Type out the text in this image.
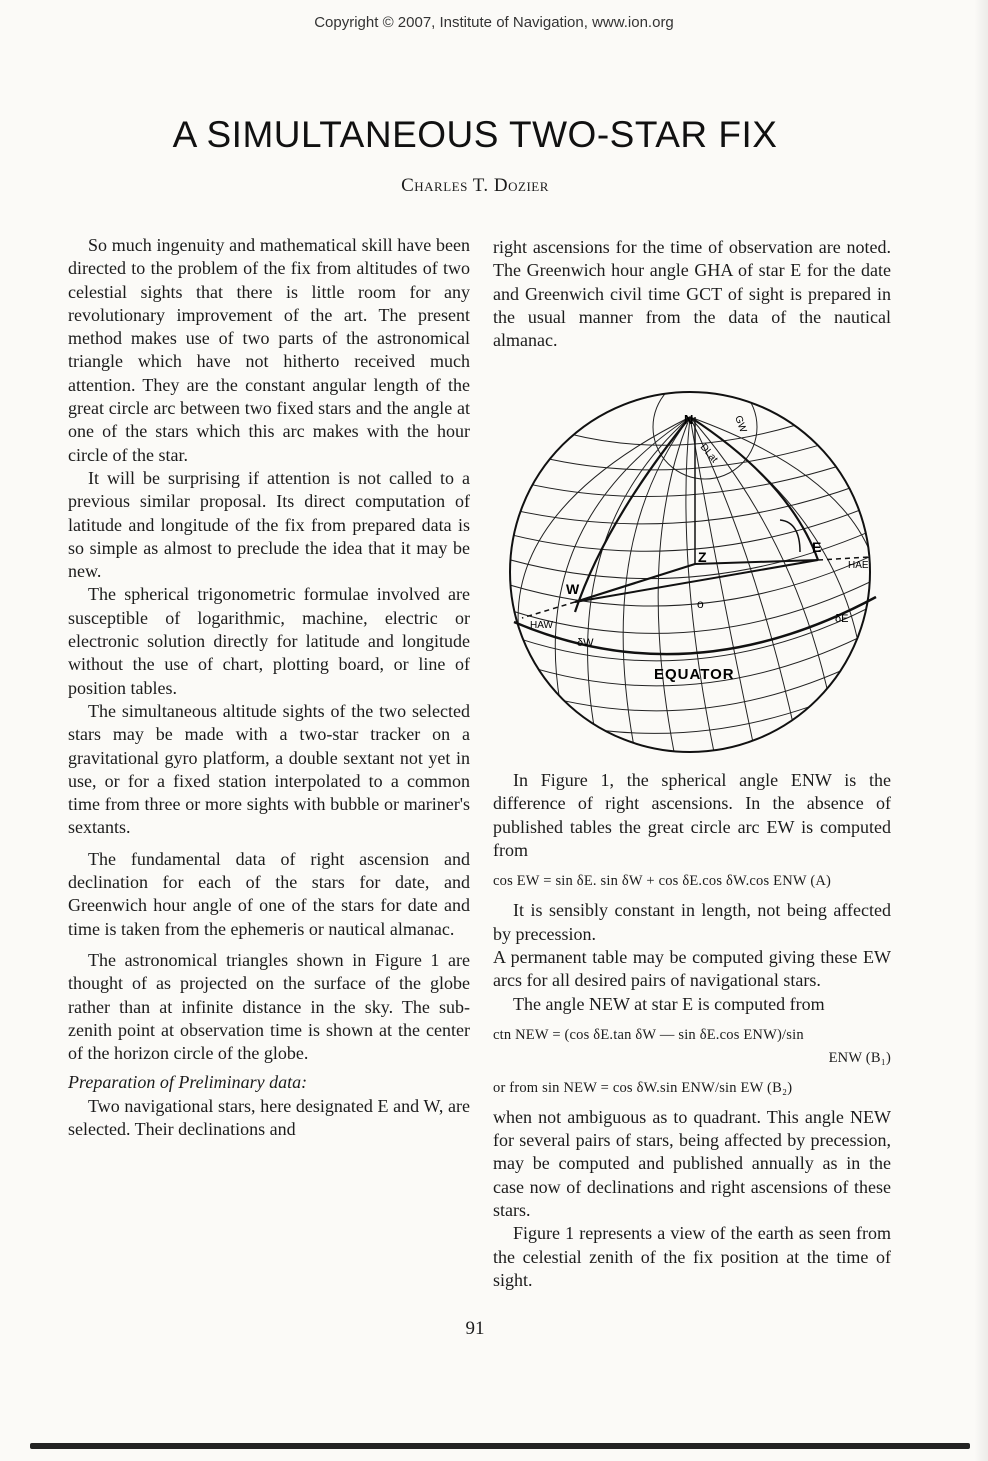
Copyright © 2007, Institute of Navigation, www.ion.org
A SIMULTANEOUS TWO-STAR FIX
Charles T. Dozier

So much ingenuity and mathematical skill have been directed to the problem of the fix from altitudes of two celestial sights that there is little room for any revolutionary improvement of the art. The present method makes use of two parts of the astronomical triangle which have not hitherto received much attention. They are the constant angular length of the great circle arc between two fixed stars and the angle at one of the stars which this arc makes with the hour circle of the star.

It will be surprising if attention is not called to a previous similar proposal. Its direct computation of latitude and longitude of the fix from prepared data is so simple as almost to preclude the idea that it may be new.

The spherical trigonometric formulae involved are susceptible of logarithmic, machine, electric or electronic solution directly for latitude and longitude without the use of chart, plotting board, or line of position tables.

The simultaneous altitude sights of the two selected stars may be made with a two-star tracker on a gravitational gyro platform, a double sextant not yet in use, or for a fixed station interpolated to a common time from three or more sights with bubble or mariner's sextants.

The fundamental data of right ascension and declination for each of the stars for date, and Greenwich hour angle of one of the stars for date and time is taken from the ephemeris or nautical almanac.

The astronomical triangles shown in Figure 1 are thought of as projected on the surface of the globe rather than at infinite distance in the sky. The sub-zenith point at observation time is shown at the center of the horizon circle of the globe.

Preparation of Preliminary data:

Two navigational stars, here designated E and W, are selected. Their declinations and

right ascensions for the time of observation are noted. The Greenwich hour angle GHA of star E for the date and Greenwich civil time GCT of sight is prepared in the usual manner from the data of the nautical almanac.

N
Z
E
W
o
EQUATOR
δE
δW
HAE
HAW
DLat
GW

In Figure 1, the spherical angle ENW is the difference of right ascensions. In the absence of published tables the great circle arc EW is computed from

cos EW = sin δE. sin δW + cos δE.cos δW.cos ENW (A)

It is sensibly constant in length, not being affected by precession.

A permanent table may be computed giving these EW arcs for all desired pairs of navigational stars.

The angle NEW at star E is computed from

ctn NEW = (cos δE.tan δW — sin δE.cos ENW)/sin

ENW (B₁)

or from sin NEW = cos δW.sin ENW/sin EW (B₂)

when not ambiguous as to quadrant. This angle NEW for several pairs of stars, being affected by precession, may be computed and published annually as in the case now of declinations and right ascensions of these stars.

Figure 1 represents a view of the earth as seen from the celestial zenith of the fix position at the time of sight.

91
